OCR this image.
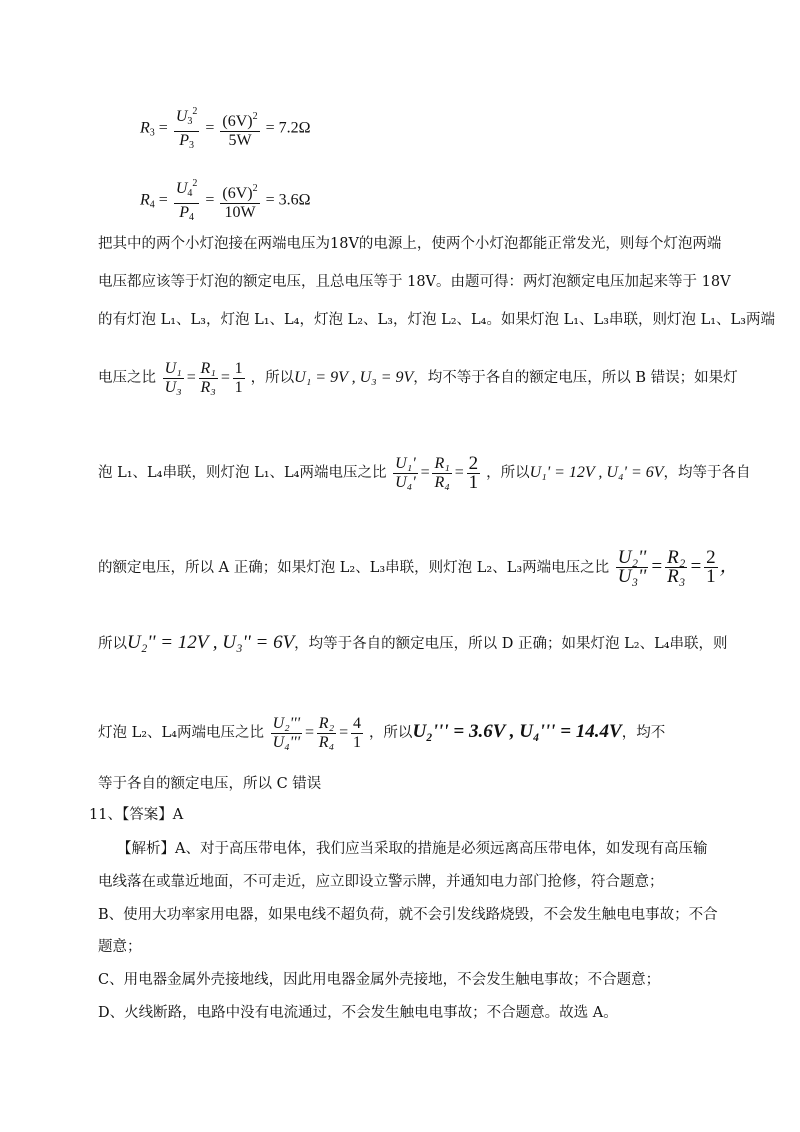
$R_3 = \frac{U_3^2}{P_3} = \frac{(6V)^2}{5W} = 7.2\Omega$
$R_4 = \frac{U_4^2}{P_4} = \frac{(6V)^2}{10W} = 3.6\Omega$
把其中的两个小灯泡接在两端电压为18V的电源上，使两个小灯泡都能正常发光，则每个灯泡两端
电压都应该等于灯泡的额定电压，且总电压等于 18V。由题可得：两灯泡额定电压加起来等于 18V
的有灯泡 L₁、L₃，灯泡 L₁、L₄，灯泡 L₂、L₃，灯泡 L₂、L₄。如果灯泡 L₁、L₃串联，则灯泡 L₁、L₃两端
电压之比 $\frac{\text{U₁}}{\text{U₃}} = \frac{\text{R₁}}{\text{R₃}} = \frac{1}{1}$ ，所以U₁ = 9V , U₃ = 9V，均不等于各自的额定电压，所以 B 错误；如果灯
泡 L₁、L₄串联，则灯泡 L₁、L₄两端电压之比 $\frac{\text{U₁'}}{\text{U₄'}} = \frac{\text{R₁}}{\text{R₄}} = \frac{2}{1}$ ，所以U₁' = 12V , U₄' = 6V，均等于各自
的额定电压，所以 A 正确；如果灯泡 L₂、L₃串联，则灯泡 L₂、L₃两端电压之比 $\frac{\text{U₂''}}{\text{U₃''}} = \frac{\text{R₂}}{\text{R₃}} = \frac{2}{1}$ ，
所以U₂'' = 12V , U₃'' = 6V，均等于各自的额定电压，所以 D 正确；如果灯泡 L₂、L₄串联，则
灯泡 L₂、L₄两端电压之比 $\frac{\text{U₂'''}}{\text{U₄'''}} = \frac{\text{R₂}}{\text{R₄}} = \frac{4}{1}$ ，所以U₂''' = 3.6V , U₄''' = 14.4V，均不
等于各自的额定电压，所以 C 错误
11、【答案】A
【解析】A、对于高压带电体，我们应当采取的措施是必须远离高压带电体，如发现有高压输
电线落在或靠近地面，不可走近，应立即设立警示牌，并通知电力部门抢修，符合题意；
B、使用大功率家用电器，如果电线不超负荷，就不会引发线路烧毁，不会发生触电电事故；不合
题意；
C、用电器金属外壳接地线，因此用电器金属外壳接地，不会发生触电事故；不合题意；
D、火线断路，电路中没有电流通过，不会发生触电电事故；不合题意。故选 A。
